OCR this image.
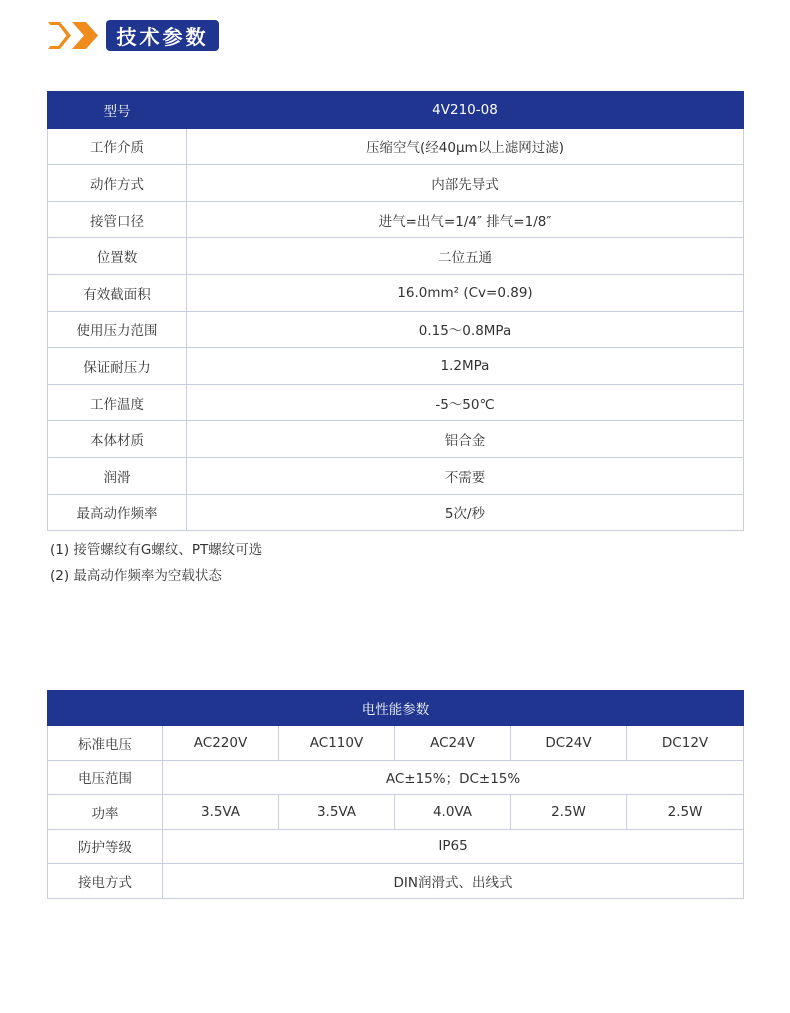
技术参数
型号	4V210-08
工作介质	压缩空气(经40μm以上滤网过滤)
动作方式	内部先导式
接管口径	进气=出气=1/4″ 排气=1/8″
位置数	二位五通
有效截面积	16.0mm² (Cv=0.89)
使用压力范围	0.15～0.8MPa
保证耐压力	1.2MPa
工作温度	-5～50℃
本体材质	铝合金
润滑	不需要
最高动作频率	5次/秒
(1) 接管螺纹有G螺纹、PT螺纹可选
(2) 最高动作频率为空载状态
电性能参数					
标准电压	AC220V	AC110V	AC24V	DC24V	DC12V
电压范围	AC±15%；DC±15%				
功率	3.5VA	3.5VA	4.0VA	2.5W	2.5W
防护等级	IP65				
接电方式	DIN润滑式、出线式				
